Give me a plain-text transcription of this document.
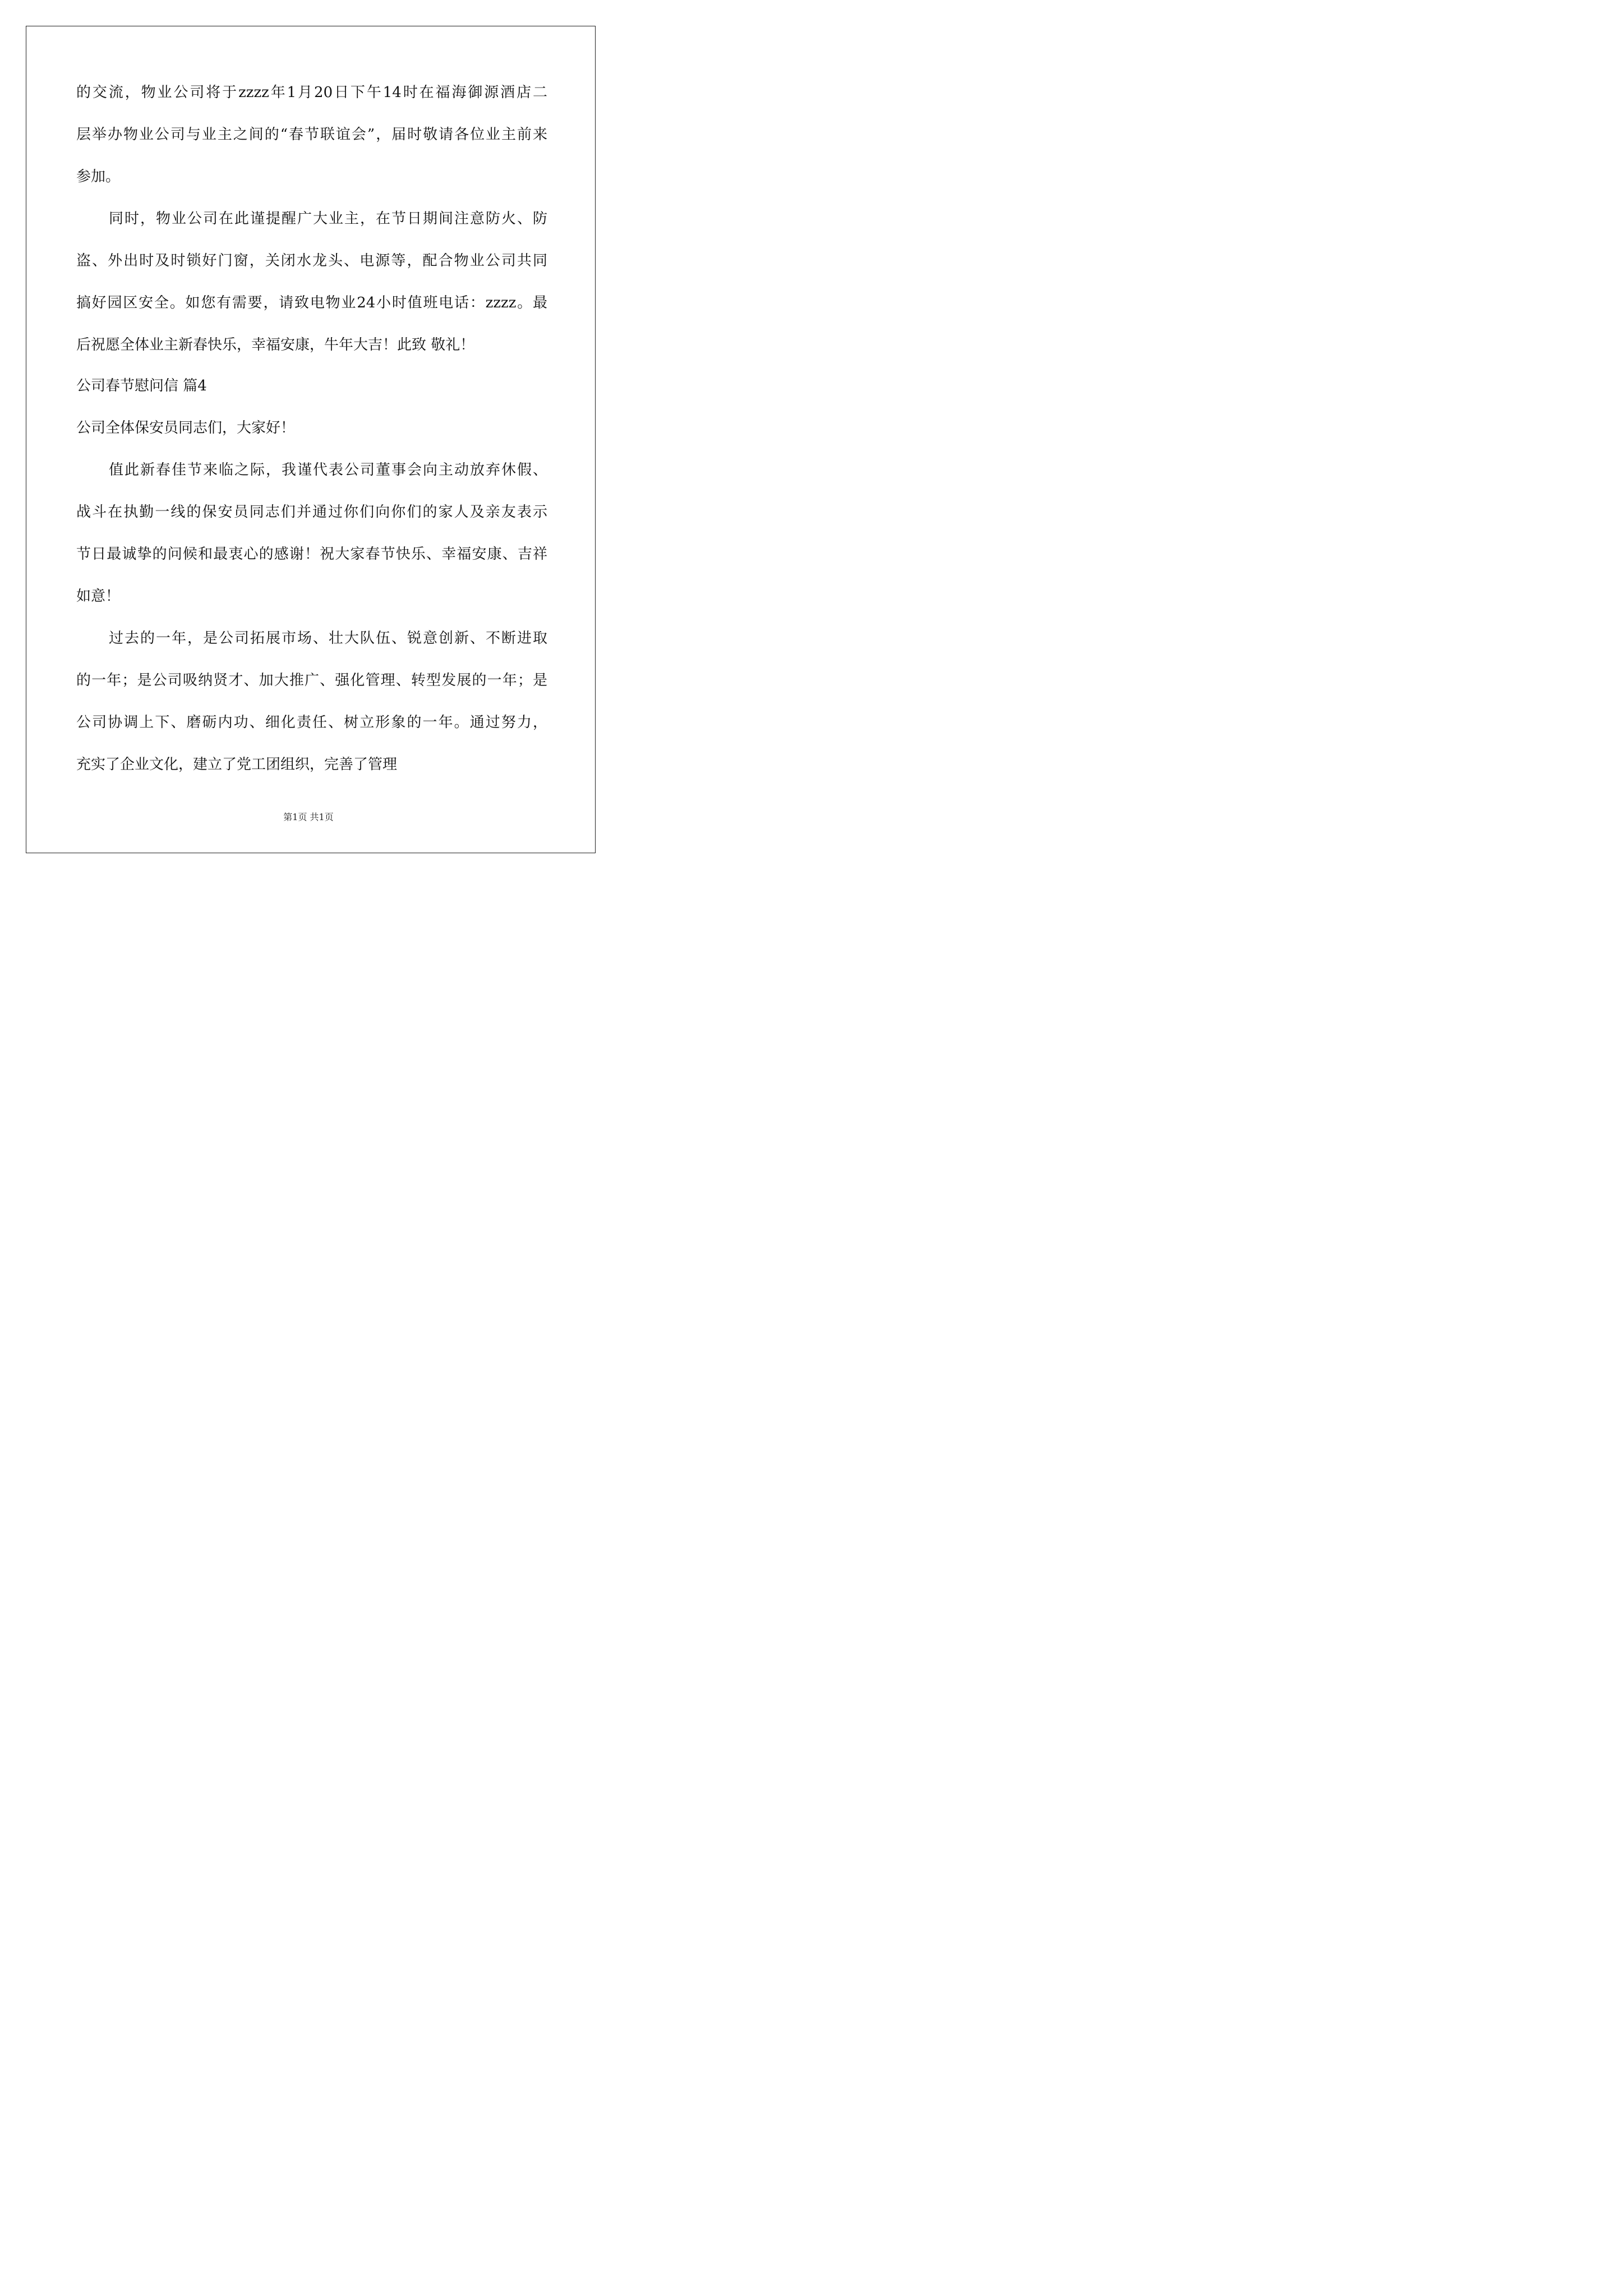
的交流，物业公司将于zzzz年1月20日下午14时在福海御源酒店二
层举办物业公司与业主之间的“春节联谊会”，届时敬请各位业主前来
参加。
同时，物业公司在此谨提醒广大业主，在节日期间注意防火、防
盗、外出时及时锁好门窗，关闭水龙头、电源等，配合物业公司共同
搞好园区安全。如您有需要，请致电物业24小时值班电话：zzzz。最
后祝愿全体业主新春快乐，幸福安康，牛年大吉！此致 敬礼！
公司春节慰问信 篇4
公司全体保安员同志们，大家好！
值此新春佳节来临之际，我谨代表公司董事会向主动放弃休假、
战斗在执勤一线的保安员同志们并通过你们向你们的家人及亲友表示
节日最诚挚的问候和最衷心的感谢！祝大家春节快乐、幸福安康、吉祥
如意！
过去的一年，是公司拓展市场、壮大队伍、锐意创新、不断进取
的一年；是公司吸纳贤才、加大推广、强化管理、转型发展的一年；是
公司协调上下、磨砺内功、细化责任、树立形象的一年。通过努力，
充实了企业文化，建立了党工团组织，完善了管理
第1页 共1页
